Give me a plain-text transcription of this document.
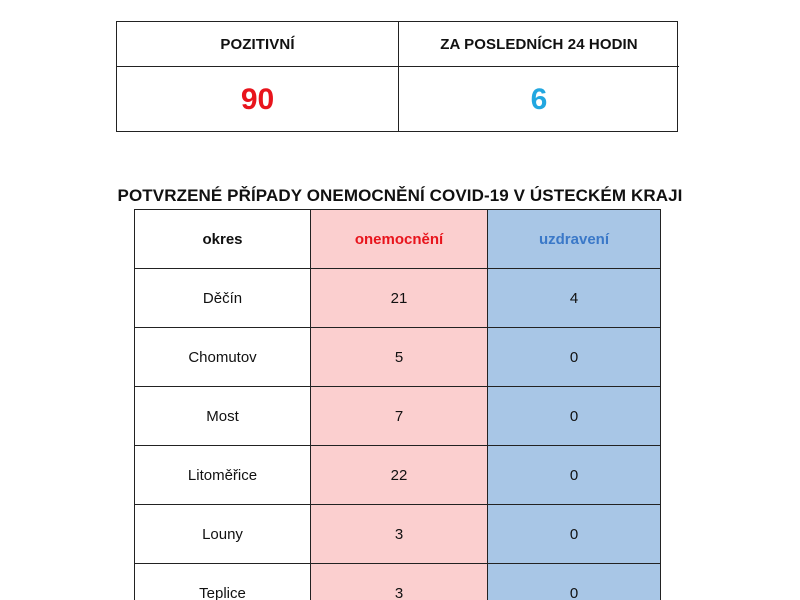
POZITIVNÍ	ZA POSLEDNÍCH 24 HODIN
90	6
POTVRZENÉ PŘÍPADY ONEMOCNĚNÍ COVID-19 V ÚSTECKÉM KRAJI
okres	onemocnění	uzdravení
Děčín	21	4
Chomutov	5	0
Most	7	0
Litoměřice	22	0
Louny	3	0
Teplice	3	0
